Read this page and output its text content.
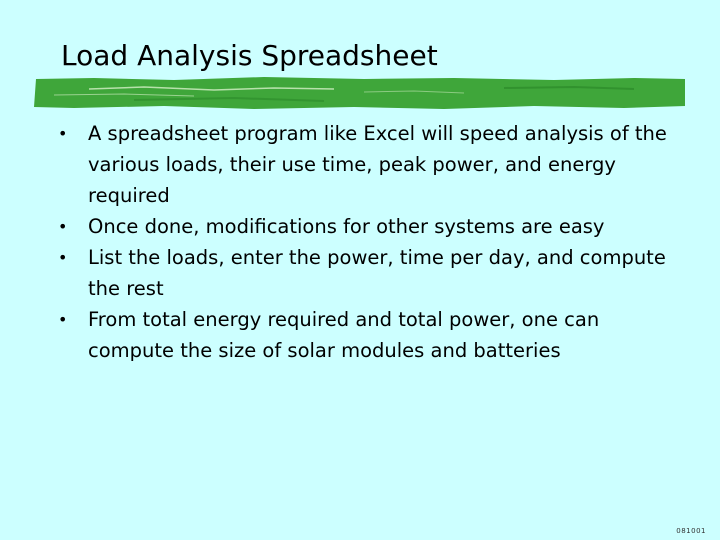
Load Analysis Spreadsheet
• A spreadsheet program like Excel will speed analysis of the various loads, their use time, peak power, and energy required
• Once done, modifications for other systems are easy
• List the loads, enter the power, time per day, and compute the rest
• From total energy required and total power, one can compute the size of solar modules and batteries
081001
